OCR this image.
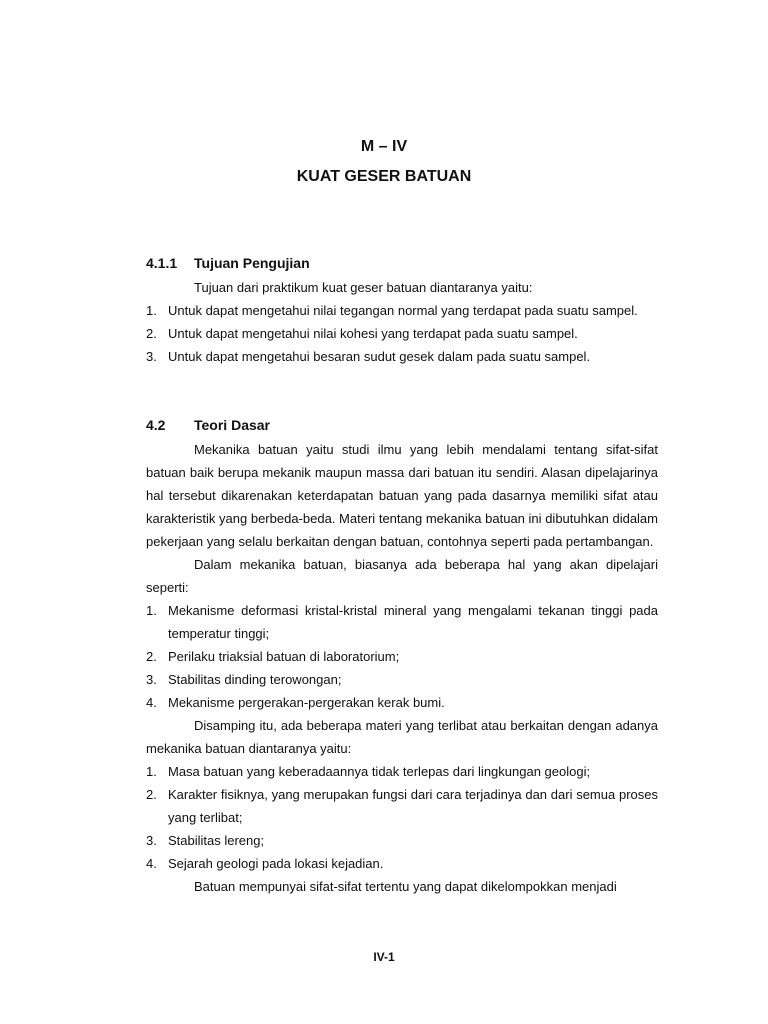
M – IV
KUAT GESER BATUAN
4.1.1 Tujuan Pengujian
Tujuan dari praktikum kuat geser batuan diantaranya yaitu:
1. Untuk dapat mengetahui nilai tegangan normal yang terdapat pada suatu sampel.
2. Untuk dapat mengetahui nilai kohesi yang terdapat pada suatu sampel.
3. Untuk dapat mengetahui besaran sudut gesek dalam pada suatu sampel.
4.2 Teori Dasar
Mekanika batuan yaitu studi ilmu yang lebih mendalami tentang sifat-sifat batuan baik berupa mekanik maupun massa dari batuan itu sendiri. Alasan dipelajarinya hal tersebut dikarenakan keterdapatan batuan yang pada dasarnya memiliki sifat atau karakteristik yang berbeda-beda. Materi tentang mekanika batuan ini dibutuhkan didalam pekerjaan yang selalu berkaitan dengan batuan, contohnya seperti pada pertambangan.
Dalam mekanika batuan, biasanya ada beberapa hal yang akan dipelajari seperti:
1. Mekanisme deformasi kristal-kristal mineral yang mengalami tekanan tinggi pada temperatur tinggi;
2. Perilaku triaksial batuan di laboratorium;
3. Stabilitas dinding terowongan;
4. Mekanisme pergerakan-pergerakan kerak bumi.
Disamping itu, ada beberapa materi yang terlibat atau berkaitan dengan adanya mekanika batuan diantaranya yaitu:
1. Masa batuan yang keberadaannya tidak terlepas dari lingkungan geologi;
2. Karakter fisiknya, yang merupakan fungsi dari cara terjadinya dan dari semua proses yang terlibat;
3. Stabilitas lereng;
4. Sejarah geologi pada lokasi kejadian.
Batuan mempunyai sifat-sifat tertentu yang dapat dikelompokkan menjadi
IV-1
